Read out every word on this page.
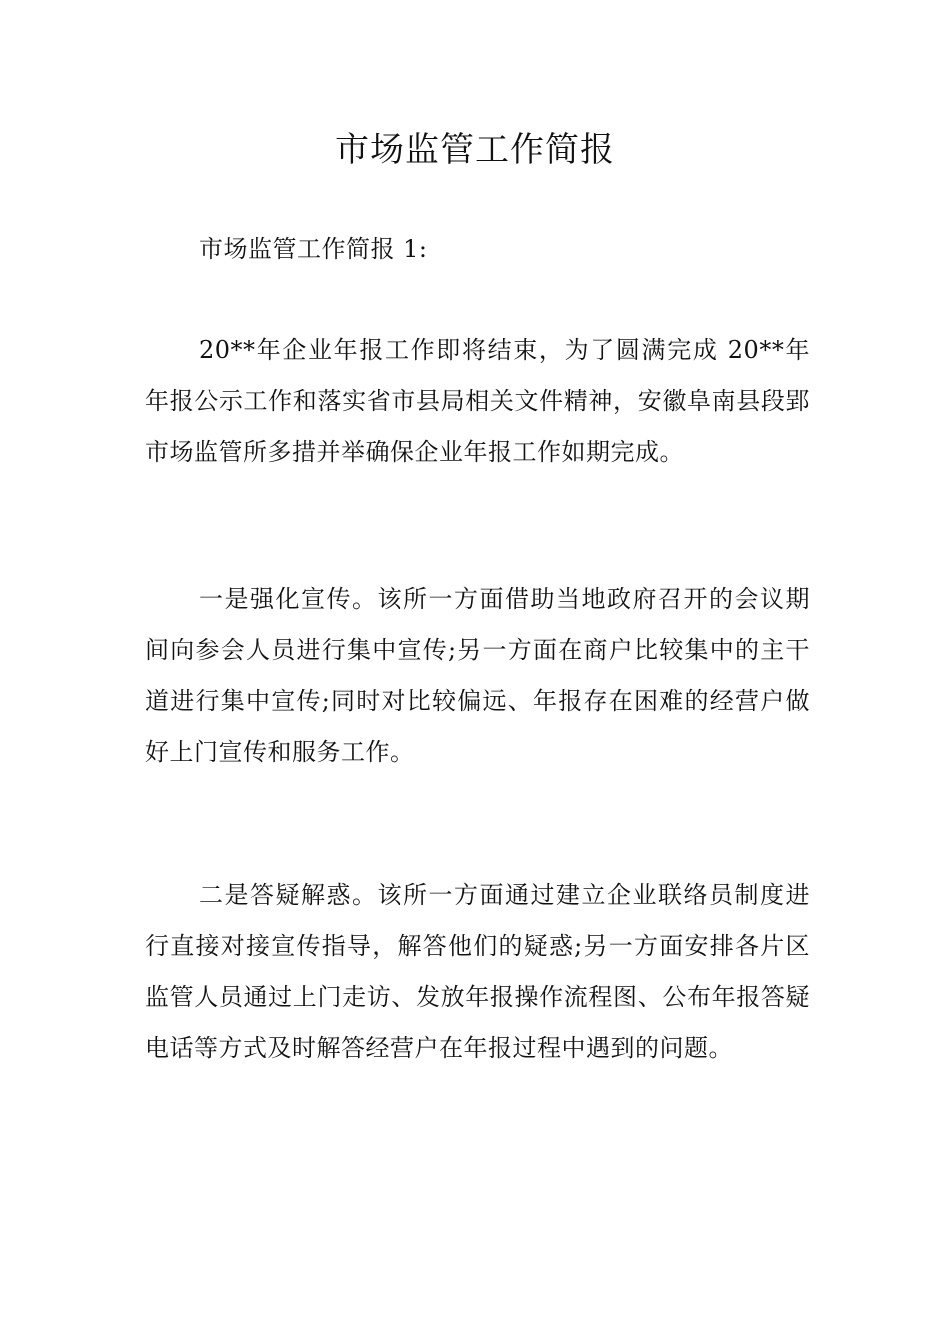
市场监管工作简报

市场监管工作简报 1:

20**年企业年报工作即将结束，为了圆满完成 20**年年报公示工作和落实省市县局相关文件精神，安徽阜南县段郢市场监管所多措并举确保企业年报工作如期完成。

一是强化宣传。该所一方面借助当地政府召开的会议期间向参会人员进行集中宣传;另一方面在商户比较集中的主干道进行集中宣传;同时对比较偏远、年报存在困难的经营户做好上门宣传和服务工作。

二是答疑解惑。该所一方面通过建立企业联络员制度进行直接对接宣传指导，解答他们的疑惑;另一方面安排各片区监管人员通过上门走访、发放年报操作流程图、公布年报答疑电话等方式及时解答经营户在年报过程中遇到的问题。
